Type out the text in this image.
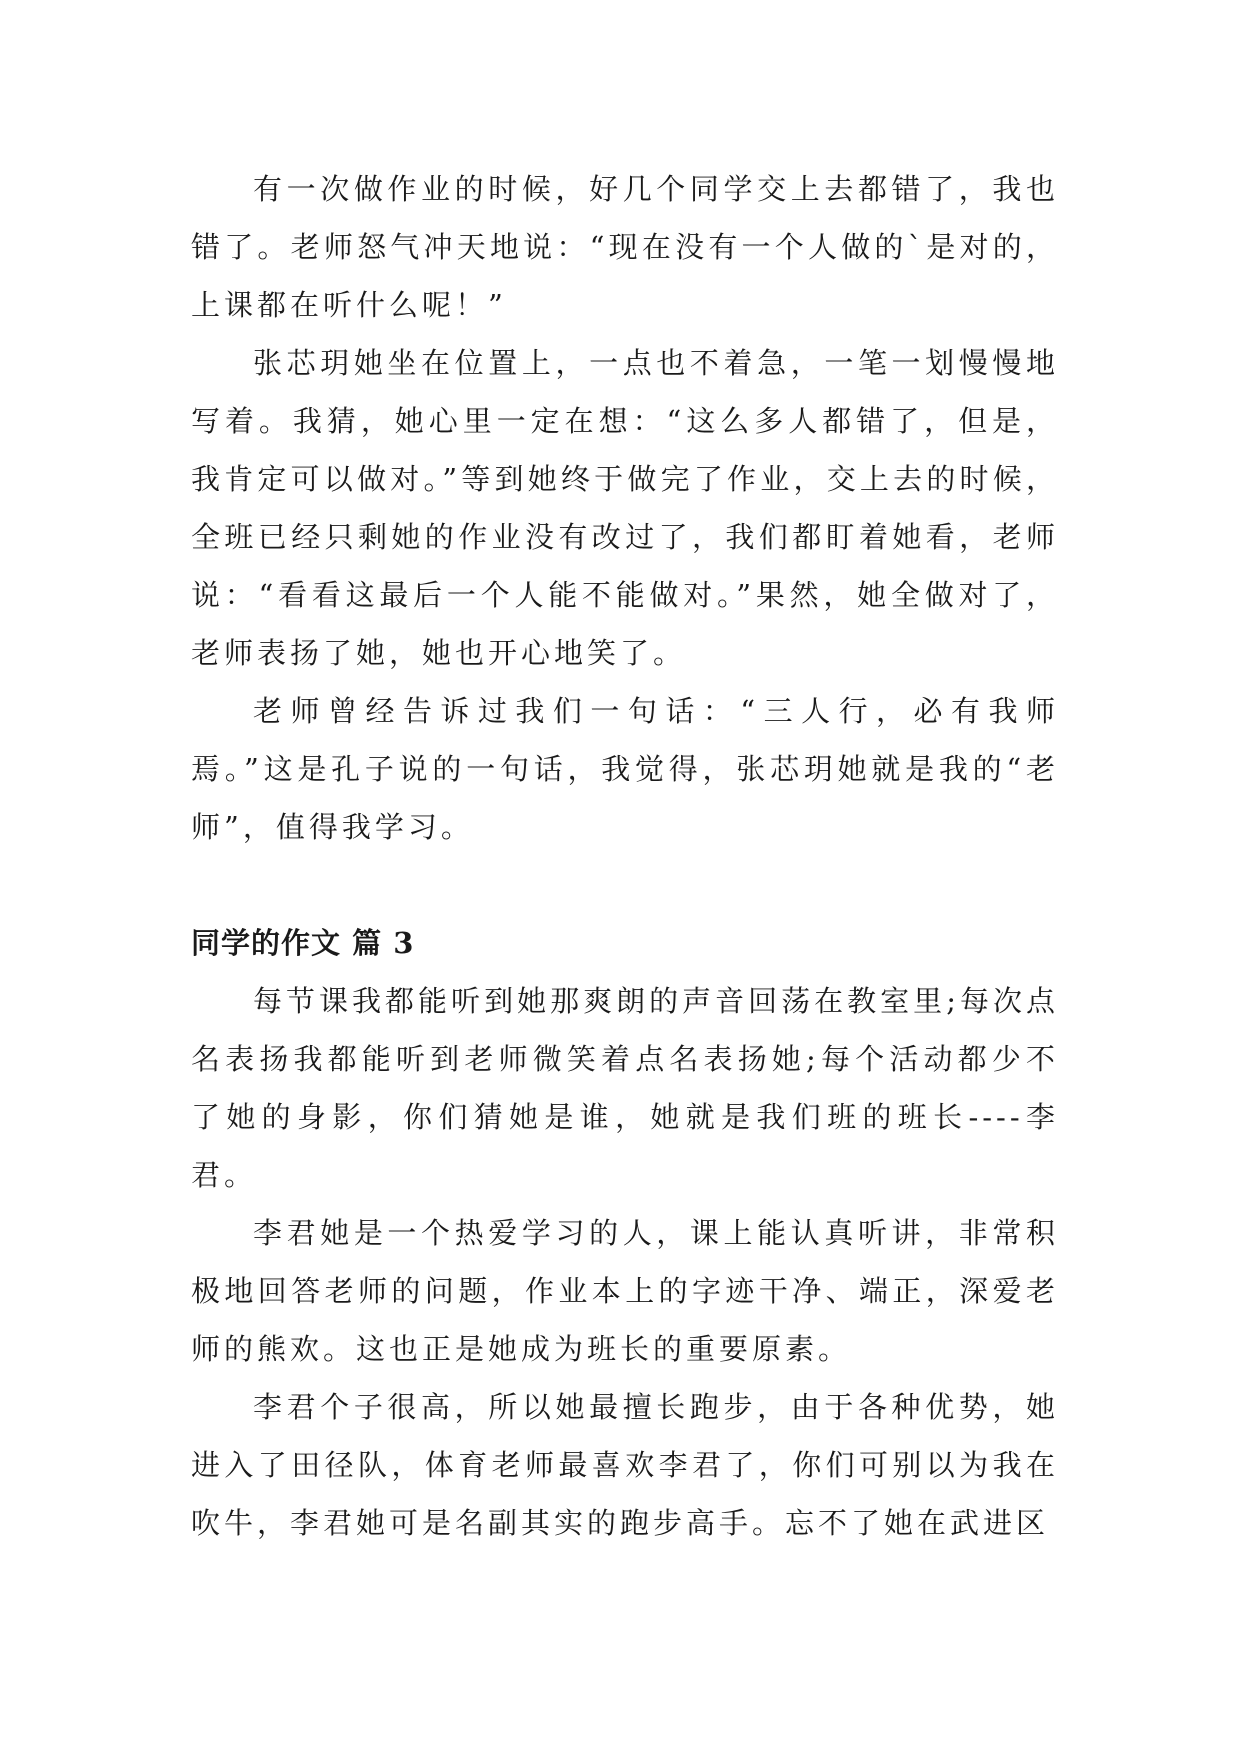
有一次做作业的时候，好几个同学交上去都错了，我也错了。老师怒气冲天地说：“现在没有一个人做的`是对的，上课都在听什么呢！”

张芯玥她坐在位置上，一点也不着急，一笔一划慢慢地写着。我猜，她心里一定在想：“这么多人都错了，但是，我肯定可以做对。”等到她终于做完了作业，交上去的时候，全班已经只剩她的作业没有改过了，我们都盯着她看，老师说：“看看这最后一个人能不能做对。”果然，她全做对了，老师表扬了她，她也开心地笑了。

老师曾经告诉过我们一句话：“三人行，必有我师焉。”这是孔子说的一句话，我觉得，张芯玥她就是我的“老师”，值得我学习。

同学的作文 篇 3

每节课我都能听到她那爽朗的声音回荡在教室里;每次点名表扬我都能听到老师微笑着点名表扬她;每个活动都少不了她的身影，你们猜她是谁，她就是我们班的班长----李君。

李君她是一个热爱学习的人，课上能认真听讲，非常积极地回答老师的问题，作业本上的字迹干净、端正，深爱老师的熊欢。这也正是她成为班长的重要原素。

李君个子很高，所以她最擅长跑步，由于各种优势，她进入了田径队，体育老师最喜欢李君了，你们可别以为我在吹牛，李君她可是名副其实的跑步高手。忘不了她在武进区
